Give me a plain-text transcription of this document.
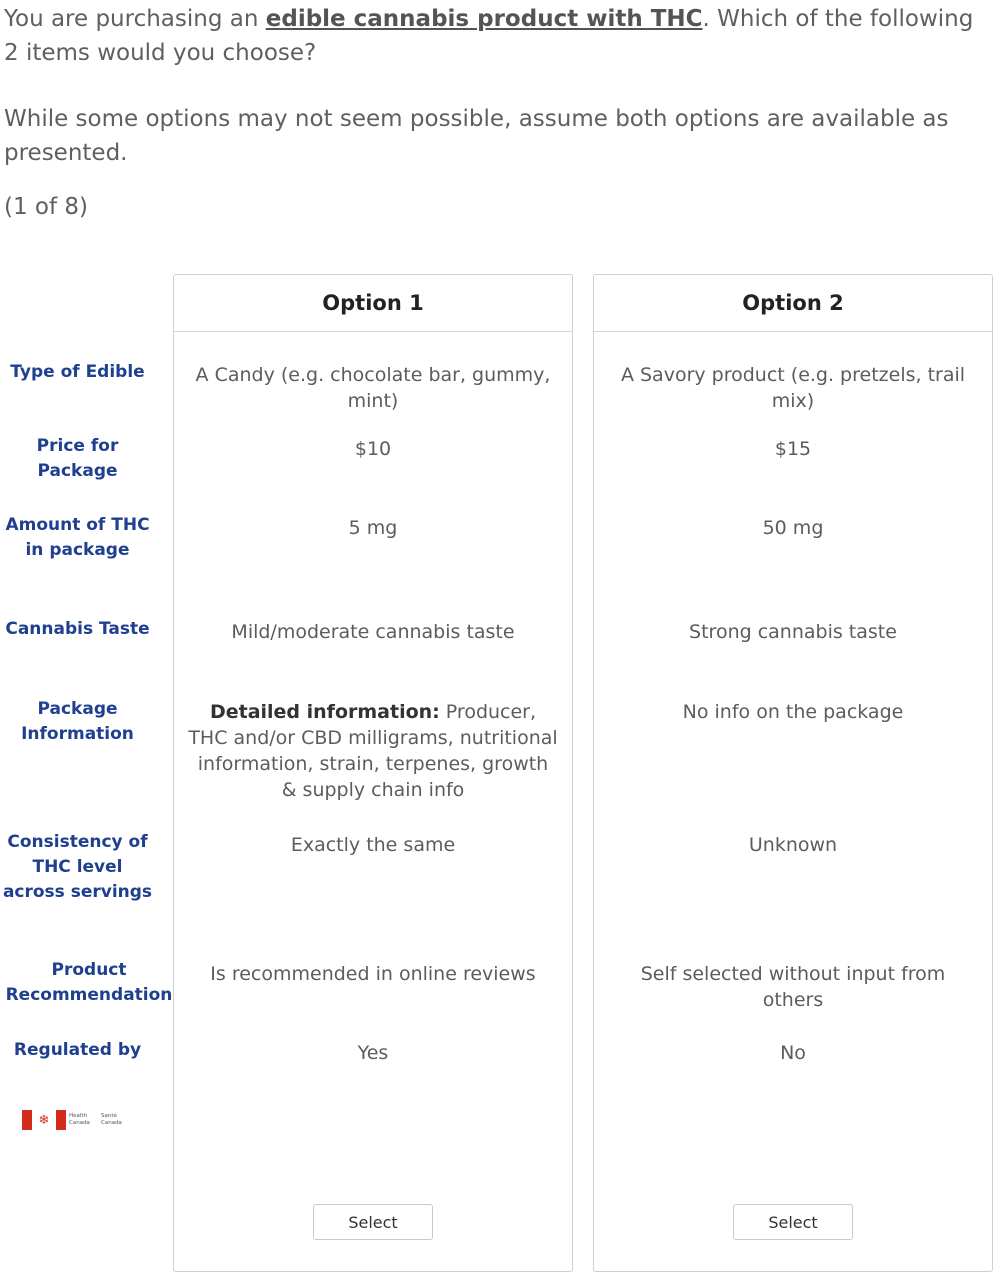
You are purchasing an edible cannabis product with THC. Which of the following 2 items would you choose?

While some options may not seem possible, assume both options are available as presented.

(1 of 8)

Type of Edible
Price for Package
Amount of THC in package
Cannabis Taste
Package Information
Consistency of THC level across servings
Product Recommendation
Regulated by
❄	Health Canada
Santé Canada
Option 1
A Candy (e.g. chocolate bar, gummy, mint)
$10
5 mg
Mild/moderate cannabis taste
Detailed information: Producer, THC and/or CBD milligrams, nutritional information, strain, terpenes, growth & supply chain info
Exactly the same
Is recommended in online reviews
Yes
Select
Option 2
A Savory product (e.g. pretzels, trail mix)
$15
50 mg
Strong cannabis taste
No info on the package
Unknown
Self selected without input from others
No
Select
